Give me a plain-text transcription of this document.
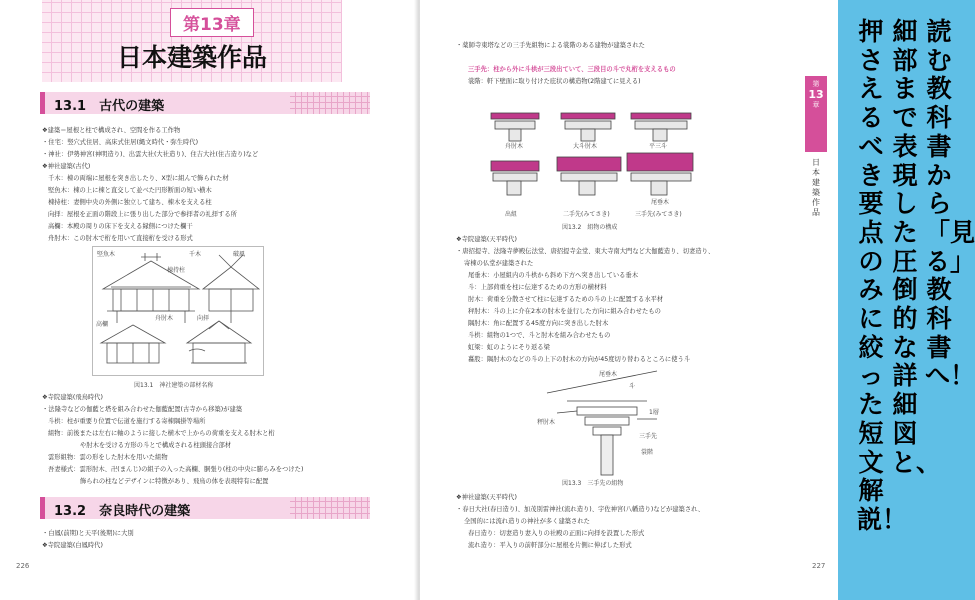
第13章
日本建築作品
13.1　古代の建築
❖建築＝屋根と柱で構成され、空間を作る工作物
・住宅：竪穴式住居、高床式住居(縄文時代・弥生時代)
・神社：伊勢神宮(神明造り)、出雲大社(大社造り)、住吉大社(住吉造り)など
❖神社建築(古代)
千木：棟の両端に屋根を突き出したり、X型に組んで飾られた材
堅魚木：棟の上に棟と直交して並べた円形断面の短い横木
棟持柱：妻側中央の外側に独立して建ち、棟木を支える柱
向拝：屋根を正面の階段上に張り出した部分で参拝者の礼拝する所
高欄：本殿の周りの床下を支える縁側につけた欄干
舟肘木：この肘木で桁を用いて直接桁を受ける形式
堅魚木	千木
棟持柱
破風
向拝
高欄
舟肘木
図13.1　神社建築の部材名称
❖寺院建築(飛鳥時代)
・法隆寺などの伽藍と塔を組み合わせた伽藍配置(古寺から移築)が建築
斗栱：柱が重要り位置で伝道を施行する寄棟隅掛等場所
組物：前後または左右に軸のように接した横木で上からの荷重を支える肘木と桁
や肘木を受ける方形の斗とで構成される柱頭接合部材
雲形組物：雲の形をした肘木を用いた組物
吾妻様式：雲形肘木、卍(まんじ)の組子の入った高欄、胴張り(柱の中央に膨らみをつけた)
飾られの柱などデザインに特徴があり、飛鳥の体を表現特有に配置
13.2　奈良時代の建築
・白鳳(前期)と天平(後期)に大別
❖寺院建築(白鳳時代)
226
・薬師寺東塔などの三手先組物による裳階のある建物が建築された
三手先：柱から外に斗栱が三段出ていて、三段目の斗で丸桁を支えるもの
裳階：軒下壁面に取り付けた庇状の構造物(2階建てに見える)
舟肘木	大斗肘木	平三斗
出組	二手先(みてさき)	三手先(みてさき)
尾垂木
図13.2　組物の構成
❖寺院建築(天平時代)
・唐招提寺、法隆寺夢殿伝法堂、唐招提寺金堂、東大寺南大門など大伽藍造り、切妻造り、
寄棟の仏堂が建築された
尾垂木：小屋組内の斗栱から斜め下方へ突き出している垂木
斗：上部荷重を柱に伝達するための方形の横材料
肘木：荷重を分散させて柱に伝達するための斗の上に配置する水平材
秤肘木：斗の上に介在2本の肘木を並行した方向に組み合わせたもの
隅肘木：角に配置する45度方向に突き出した肘木
斗栱：組物の1つで、斗と肘木を組み合わせたもの
虹梁：虹のようにそり返る梁
蟇股：隅肘木のなどの斗の上下の肘木の方向が45度切り替わるところに使う斗
尾垂木
斗
秤肘木
1層
三手先
裳階
図13.3　三手先の組物
❖神社建築(天平時代)
・春日大社(春日造り)、加茂別雷神社(流れ造り)、宇佐神宮(八幡造り)などが建築され、
全国的には流れ造りの神社が多く建築された
春日造り：切妻造り妻入りの社殿の正面に向拝を設置した形式
流れ造り：平入りの前軒部分に屋根を片側に伸ばした形式
227
第
13
章
日本建築作品
読む教科書から「見る」教科書へ！
細部まで表現した圧倒的な詳細図と、
押さえるべき要点のみに絞った短文解説！
